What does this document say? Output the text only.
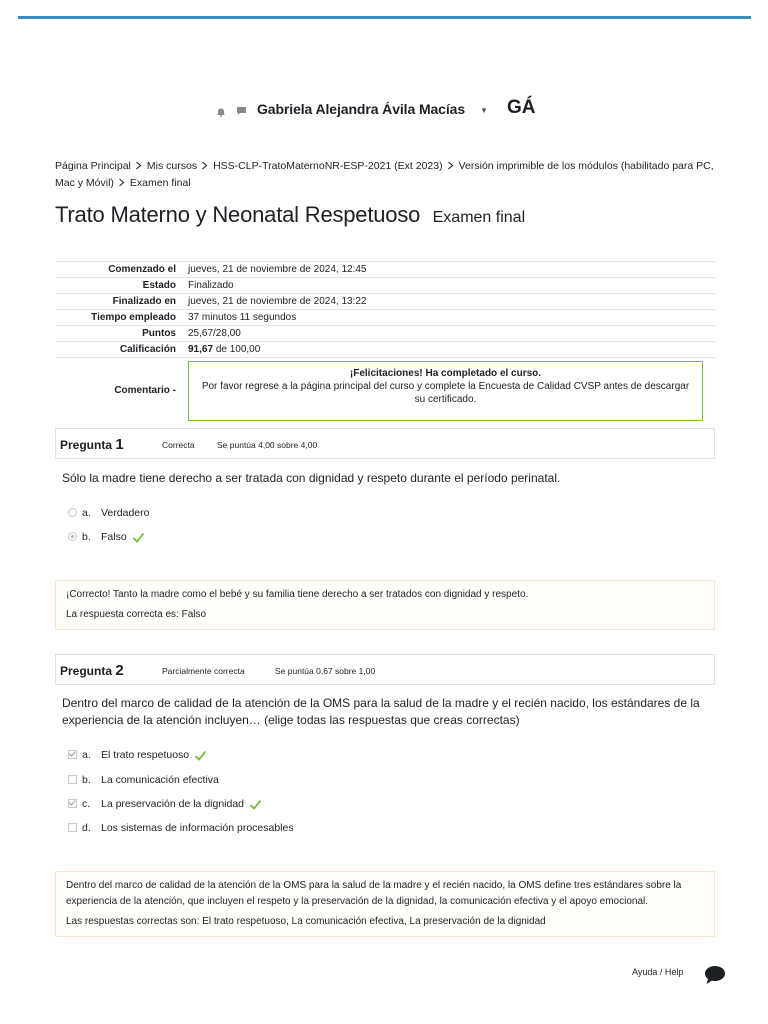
Gabriela Alejandra Ávila Macías ▼ GÁ
Página Principal Mis cursos HSS-CLP-TratoMaternoNR-ESP-2021 (Ext 2023) Versión imprimible de los módulos (habilitado para PC, Mac y Móvil) Examen final
Trato Materno y Neonatal Respetuoso Examen final
Comenzado el	jueves, 21 de noviembre de 2024, 12:45
Estado	Finalizado
Finalizado en	jueves, 21 de noviembre de 2024, 13:22
Tiempo empleado	37 minutos 11 segundos
Puntos	25,67/28,00
Calificación	91,67 de 100,00
Comentario -	¡Felicitaciones! Ha completado el curso.
Por favor regrese a la página principal del curso y complete la Encuesta de Calidad CVSP antes de descargar su certificado.
Pregunta 1	Correcta	Se puntúa 4,00 sobre 4,00
Sólo la madre tiene derecho a ser tratada con dignidad y respeto durante el período perinatal.
a. Verdadero
b. Falso
¡Correcto! Tanto la madre como el bebé y su familia tiene derecho a ser tratados con dignidad y respeto.
La respuesta correcta es: Falso
Pregunta 2	Parcialmente correcta	Se puntúa 0,67 sobre 1,00
Dentro del marco de calidad de la atención de la OMS para la salud de la madre y el recién nacido, los estándares de la experiencia de la atención incluyen… (elige todas las respuestas que creas correctas)
a. El trato respetuoso
b. La comunicación efectiva
c. La preservación de la dignidad
d. Los sistemas de información procesables
Dentro del marco de calidad de la atención de la OMS para la salud de la madre y el recién nacido, la OMS define tres estándares sobre la experiencia de la atención, que incluyen el respeto y la preservación de la dignidad, la comunicación efectiva y el apoyo emocional.
Las respuestas correctas son: El trato respetuoso, La comunicación efectiva, La preservación de la dignidad
Ayuda / Help
